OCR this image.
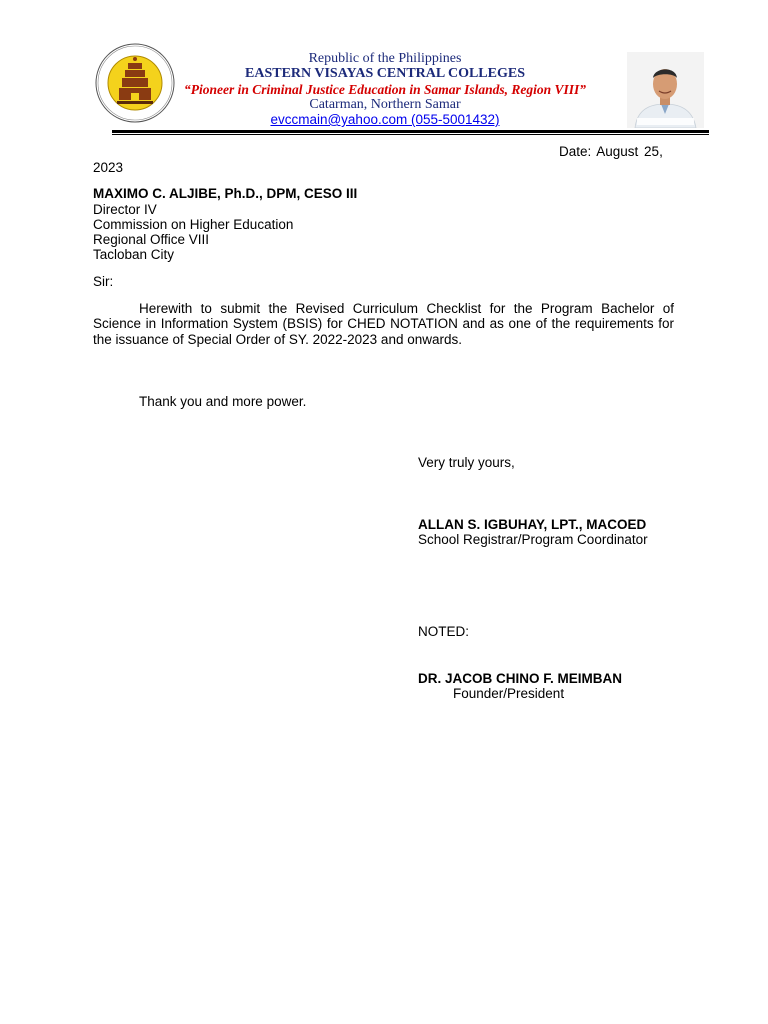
Republic of the Philippines
EASTERN VISAYAS CENTRAL COLLEGES
“Pioneer in Criminal Justice Education in Samar Islands, Region VIII”
Catarman, Northern Samar
evccmain@yahoo.com (055-5001432)
Date: August 25,
2023
MAXIMO C. ALJIBE, Ph.D., DPM, CESO III
Director IV
Commission on Higher Education
Regional Office VIII
Tacloban City
Sir:
Herewith to submit the Revised Curriculum Checklist for the Program Bachelor of Science in Information System (BSIS) for CHED NOTATION and as one of the requirements for the issuance of Special Order of SY. 2022-2023 and onwards.
Thank you and more power.
Very truly yours,
ALLAN S. IGBUHAY, LPT., MACOED
School Registrar/Program Coordinator
NOTED:
DR. JACOB CHINO F. MEIMBAN
Founder/President
